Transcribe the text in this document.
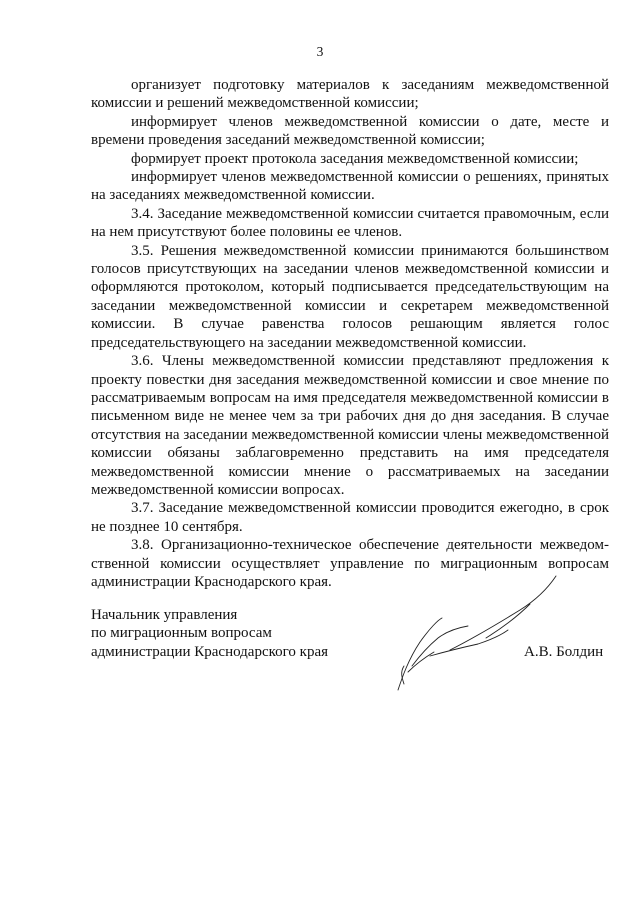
3

организует подготовку материалов к заседаниям межведомственной комиссии и решений межведомственной комиссии;

информирует членов межведомственной комиссии о дате, месте и времени проведения заседаний межведомственной комиссии;

формирует проект протокола заседания межведомственной комиссии;

информирует членов межведомственной комиссии о решениях, принятых на заседаниях межведомственной комиссии.

3.4. Заседание межведомственной комиссии считается правомочным, если на нем присутствуют более половины ее членов.

3.5. Решения межведомственной комиссии принимаются большинством голосов присутствующих на заседании членов межведомственной комиссии и оформляются протоколом, который подписывается председательствующим на заседании межведомственной комиссии и секретарем межведомственной комиссии. В случае равенства голосов решающим является голос председательствующего на заседании межведомственной комиссии.

3.6. Члены межведомственной комиссии представляют предложения к проекту повестки дня заседания межведомственной комиссии и свое мнение по рассматриваемым вопросам на имя председателя межведомственной комиссии в письменном виде не менее чем за три рабочих дня до дня заседания. В случае отсутствия на заседании межведомственной комиссии члены межведомственной комиссии обязаны заблаговременно представить на имя председателя межведомственной комиссии мнение о рассматриваемых на заседании межведомственной комиссии вопросах.

3.7. Заседание межведомственной комиссии проводится ежегодно, в срок не позднее 10 сентября.

3.8. Организационно-техническое обеспечение деятельности межведом-ственной комиссии осуществляет управление по миграционным вопросам администрации Краснодарского края.

Начальник управления
по миграционным вопросам
администрации Краснодарского края	А.В. Болдин
